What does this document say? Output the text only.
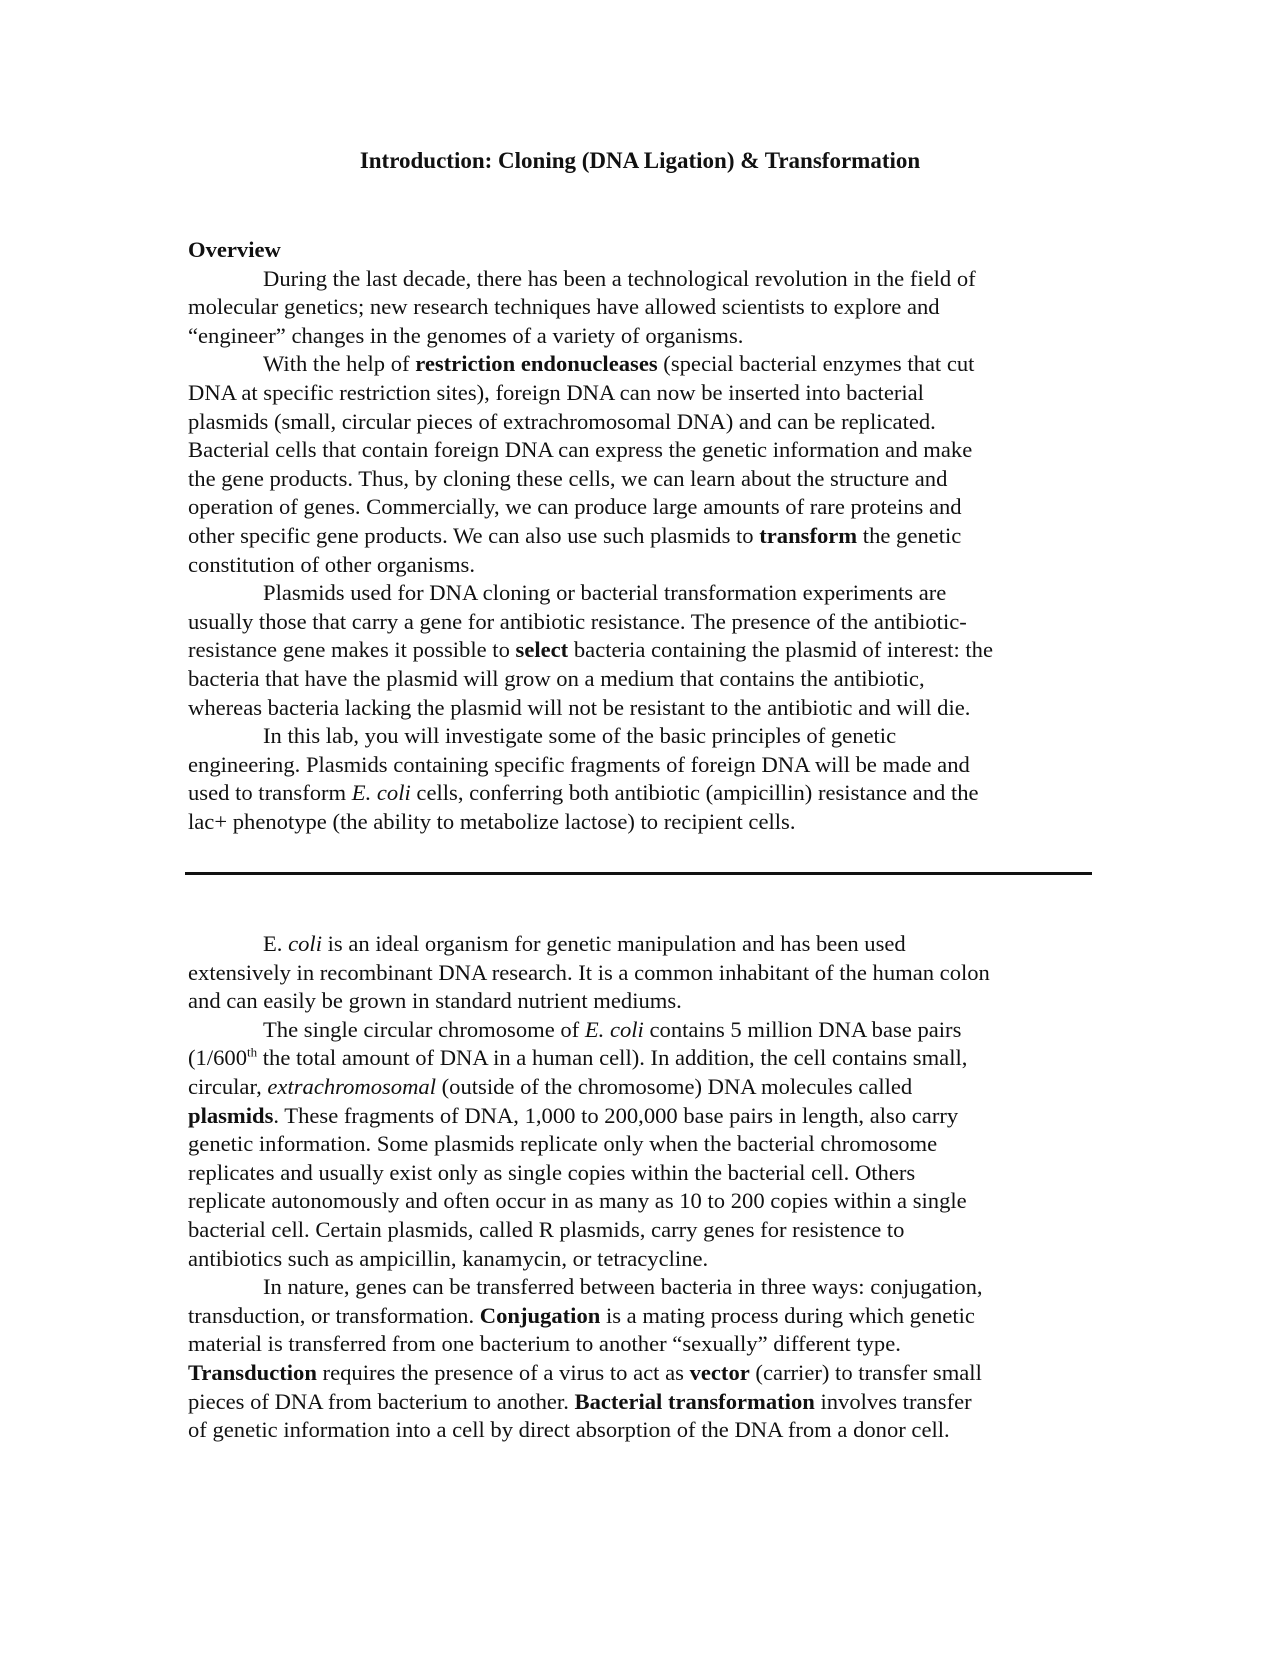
Introduction: Cloning (DNA Ligation) & Transformation
Overview
During the last decade, there has been a technological revolution in the field of
molecular genetics; new research techniques have allowed scientists to explore and
“engineer” changes in the genomes of a variety of organisms.
With the help of restriction endonucleases (special bacterial enzymes that cut
DNA at specific restriction sites), foreign DNA can now be inserted into bacterial
plasmids (small, circular pieces of extrachromosomal DNA) and can be replicated.
Bacterial cells that contain foreign DNA can express the genetic information and make
the gene products. Thus, by cloning these cells, we can learn about the structure and
operation of genes. Commercially, we can produce large amounts of rare proteins and
other specific gene products. We can also use such plasmids to transform the genetic
constitution of other organisms.
Plasmids used for DNA cloning or bacterial transformation experiments are
usually those that carry a gene for antibiotic resistance. The presence of the antibiotic-
resistance gene makes it possible to select bacteria containing the plasmid of interest: the
bacteria that have the plasmid will grow on a medium that contains the antibiotic,
whereas bacteria lacking the plasmid will not be resistant to the antibiotic and will die.
In this lab, you will investigate some of the basic principles of genetic
engineering. Plasmids containing specific fragments of foreign DNA will be made and
used to transform E. coli cells, conferring both antibiotic (ampicillin) resistance and the
lac+ phenotype (the ability to metabolize lactose) to recipient cells.
E. coli is an ideal organism for genetic manipulation and has been used
extensively in recombinant DNA research. It is a common inhabitant of the human colon
and can easily be grown in standard nutrient mediums.
The single circular chromosome of E. coli contains 5 million DNA base pairs
(1/600th the total amount of DNA in a human cell). In addition, the cell contains small,
circular, extrachromosomal (outside of the chromosome) DNA molecules called
plasmids. These fragments of DNA, 1,000 to 200,000 base pairs in length, also carry
genetic information. Some plasmids replicate only when the bacterial chromosome
replicates and usually exist only as single copies within the bacterial cell. Others
replicate autonomously and often occur in as many as 10 to 200 copies within a single
bacterial cell. Certain plasmids, called R plasmids, carry genes for resistence to
antibiotics such as ampicillin, kanamycin, or tetracycline.
In nature, genes can be transferred between bacteria in three ways: conjugation,
transduction, or transformation. Conjugation is a mating process during which genetic
material is transferred from one bacterium to another “sexually” different type.
Transduction requires the presence of a virus to act as vector (carrier) to transfer small
pieces of DNA from bacterium to another. Bacterial transformation involves transfer
of genetic information into a cell by direct absorption of the DNA from a donor cell.
